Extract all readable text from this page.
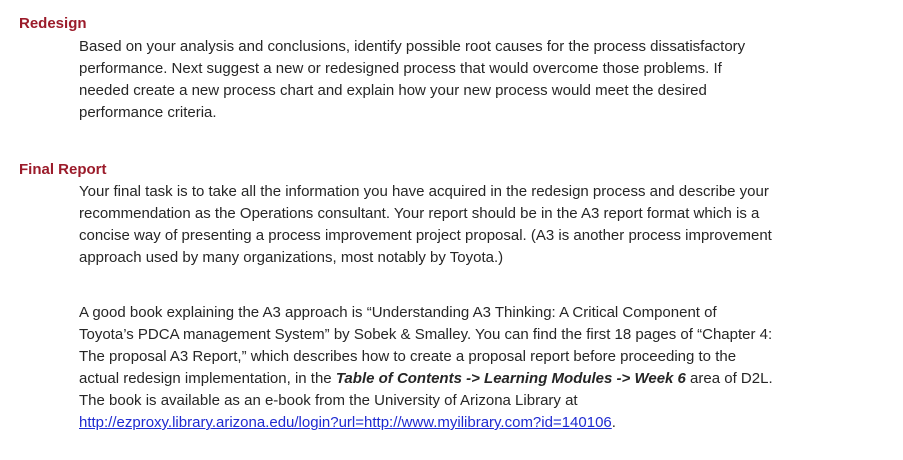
Redesign

Based on your analysis and conclusions, identify possible root causes for the process dissatisfactory
performance. Next suggest a new or redesigned process that would overcome those problems. If
needed create a new process chart and explain how your new process would meet the desired
performance criteria.

Final Report

Your final task is to take all the information you have acquired in the redesign process and describe your
recommendation as the Operations consultant. Your report should be in the A3 report format which is a
concise way of presenting a process improvement project proposal. (A3 is another process improvement
approach used by many organizations, most notably by Toyota.)

A good book explaining the A3 approach is “Understanding A3 Thinking: A Critical Component of
Toyota’s PDCA management System” by Sobek & Smalley. You can find the first 18 pages of “Chapter 4:
The proposal A3 Report,” which describes how to create a proposal report before proceeding to the
actual redesign implementation, in the Table of Contents -> Learning Modules -> Week 6 area of D2L.
The book is available as an e-book from the University of Arizona Library at
http://ezproxy.library.arizona.edu/login?url=http://www.myilibrary.com?id=140106.
